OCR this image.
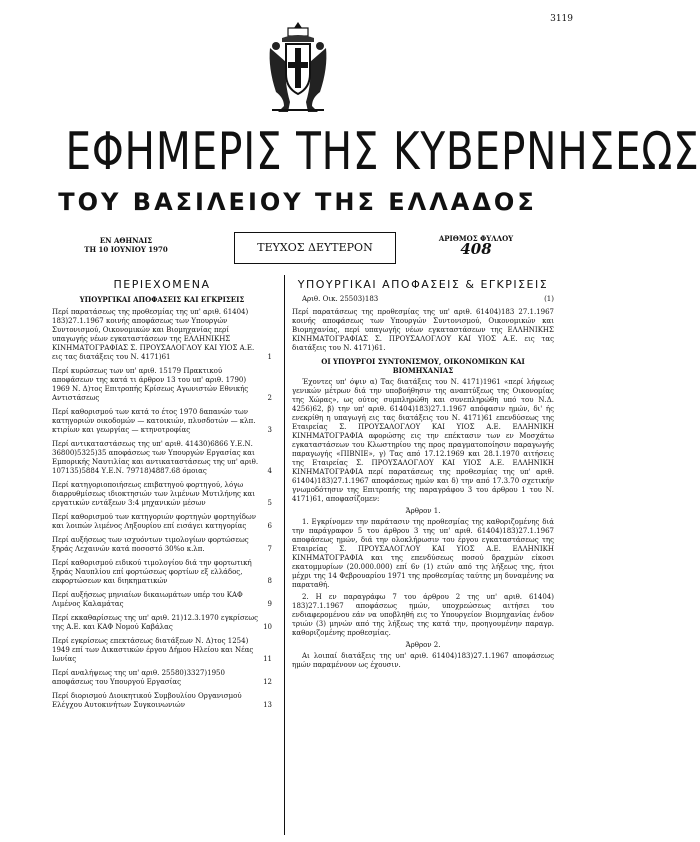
3119
ΕΦΗΜΕΡΙΣ ΤΗΣ ΚΥΒΕΡΝΗΣΕΩΣ
ΤΟΥ ΒΑΣΙΛΕΙΟΥ ΤΗΣ ΕΛΛΑΔΟΣ
ΕΝ ΑΘΗΝΑΙΣ
ΤΗ 10 ΙΟΥΝΙΟΥ 1970	ΤΕΥΧΟΣ ΔΕΥΤΕΡΟΝ
ΑΡΙΘΜΟΣ ΦΥΛΛΟΥ
408
ΠΕΡΙΕΧΟΜΕΝΑ
ΥΠΟΥΡΓΙΚΑΙ ΑΠΟΦΑΣΕΙΣ ΚΑΙ ΕΓΚΡΙΣΕΙΣ
Περί παρατάσεως της προθεσμίας της υπ' αριθ. 61404) 183)27.1.1967 κοινής αποφάσεως των Υπουργών Συντονισμού, Οικονομικών και Βιομηχανίας περί υπαγωγής νέων εγκαταστάσεων της ΕΛΛΗΝΙΚΗΣ ΚΙΝΗΜΑΤΟΓΡΑΦΙΑΣ Σ. ΠΡΟΥΣΑΛΟΓΛΟΥ ΚΑΙ ΥΙΟΣ Α.Ε. εις τας διατάξεις του Ν. 4171)61	1
Περί κυρώσεως των υπ' αριθ. 15179 Πρακτικού αποφάσεων της κατά τι άρθρον 13 του υπ' αριθ. 1790) 1969 Ν. Δ)τος Επιτροπής Κρίσεως Αγωνιστών Εθνικής Αντιστάσεως	2
Περί καθορισμού των κατά το έτος 1970 δαπανών των κατηγοριών οικοδομών — κατοικιών, πλυσδοτών — κλπ. κτιρίων και γεωργίας — κτηνοτροφίας	3
Περί αντικαταστάσεως της υπ' αριθ. 41430)6866 Υ.Ε.Ν. 36800)5325)35 αποφάσεως των Υπουργών Εργασίας και Εμπορικής Ναυτιλίας και αντικαταστάσεως της υπ' αριθ. 107135)5884 Υ.Ε.Ν. 79718)4887.68 όμοιας	4
Περί κατηγοριοποιήσεως επιβατηγού φορτηγού, λόγω διαρρυθμίσεως ιδιοκτησιών των λιμένων Μυτιλήνης και εργατικών εντάξεων 3:4 μηχανικών μέσων	5
Περί καθορισμού των κατηγοριών φορτηγών φορτηγίδων και λοιπών λιμένος Ληξουρίου επί εισάγει κατηγορίας	6
Περί αυξήσεως των ισχυόντων τιμολογίων φορτώσεως ξηράς Λεχαινών κατά ποσοστό 30%ο κ.λπ.	7
Περί καθορισμού ειδικού τιμολογίου διά την φορτωτική ξηράς Ναυπλίου επί φορτώσεως φορτίων εξ ελλάδος, εκφορτώσεων και διηκηματικών	8
Περί αυξήσεως μηνιαίων δικαιωμάτων υπέρ του ΚΑΦ Λιμένος Καλαμάτας	9
Περί εκκαθαρίσεως της υπ' αριθ. 21)12.3.1970 εγκρίσεως της Α.Ε. και ΚΑΦ Νομού Καβάλας	10
Περί εγκρίσεως επεκτάσεως διατάξεων Ν. Δ)τος 1254) 1949 επί των Δικαστικών έργου Δήμου Ηλείου και Νέας Ιωνίας	11
Περί αναλήψεως της υπ' αριθ. 25580)3327)1950 αποφάσεως του Υπουργού Εργασίας	12
Περί διορισμού Διοικητικού Συμβουλίου Οργανισμού Ελέγχου Αυτοκινήτων Συγκοινωνιών	13
ΥΠΟΥΡΓΙΚΑΙ ΑΠΟΦΑΣΕΙΣ & ΕΓΚΡΙΣΕΙΣ
Αριθ. Οικ. 25503)183	(1)

Περί παρατάσεως της προθεσμίας της υπ' αριθ. 61404)183 27.1.1967 κοινής αποφάσεως των Υπουργών Συντονισμού, Οικονομικών και Βιομηχανίας, περί υπαγωγής νέων εγκαταστάσεων της ΕΛΛΗΝΙΚΗΣ ΚΙΝΗΜΑΤΟΓΡΑΦΙΑΣ Σ. ΠΡΟΥΣΑΛΟΓΛΟΥ ΚΑΙ ΥΙΟΣ Α.Ε. εις τας διατάξεις του Ν. 4171)61.

ΟΙ ΥΠΟΥΡΓΟΙ ΣΥΝΤΟΝΙΣΜΟΥ, ΟΙΚΟΝΟΜΙΚΩΝ ΚΑΙ ΒΙΟΜΗΧΑΝΙΑΣ

Έχοντες υπ' όψιν α) Τας διατάξεις του Ν. 4171)1961 «περί λήψεως γενικών μέτρων διά την υποβοήθησιν της αναπτύξεως της Οικονομίας της Χώρας», ως ούτος συμπληρώθη και συνεπληρώθη υπό του Ν.Δ. 4256)62, β) την υπ' αριθ. 61404)183)27.1.1967 απόφασιν ημών, δι' ής ενεκρίθη η υπαγωγή εις τας διατάξεις του Ν. 4171)61 επενδύσεως της Εταιρείας Σ. ΠΡΟΥΣΑΛΟΓΛΟΥ ΚΑΙ ΥΙΟΣ Α.Ε. ΕΛΛΗΝΙΚΗ ΚΙΝΗΜΑΤΟΓΡΑΦΙΑ αφορώσης εις την επέκτασιν των εν Μοσχάτω εγκαταστάσεων του Κλωστηρίου της προς πραγματοποίησιν παραγωγής παραγωγής «ΠΙΒΝΙΕ», γ) Τας από 17.12.1969 και 28.1.1970 αιτήσεις της Εταιρείας Σ. ΠΡΟΥΣΑΛΟΓΛΟΥ ΚΑΙ ΥΙΟΣ Α.Ε. ΕΛΛΗΝΙΚΗ ΚΙΝΗΜΑΤΟΓΡΑΦΙΑ περί παρατάσεως της προθεσμίας της υπ' αριθ. 61404)183)27.1.1967 αποφάσεως ημών και δ) την από 17.3.70 σχετικήν γνωμοδότησιν της Επιτροπής της παραγράφου 3 του άρθρου 1 του Ν. 4171)61, αποφασίζομεν:

Άρθρον 1.

1. Εγκρίνομεν την παράτασιν της προθεσμίας της καθοριζομένης διά την παράγραφον 5 του άρθρου 3 της υπ' αριθ. 61404)183)27.1.1967 αποφάσεως ημών, διά την ολοκλήρωσιν του έργου εγκαταστάσεως της Εταιρείας Σ. ΠΡΟΥΣΑΛΟΓΛΟΥ ΚΑΙ ΥΙΟΣ Α.Ε. ΕΛΛΗΝΙΚΗ ΚΙΝΗΜΑΤΟΓΡΑΦΙΑ και της επενδύσεως ποσού δραχμών είκοσι εκατομμυρίων (20.000.000) επί 6ν (1) ετών από της λήξεως της, ήτοι μέχρι της 14 Φεβρουαρίου 1971 της προθεσμίας ταύτης μη δυναμένης να παραταθή.

2. Η εν παραγράφω 7 του άρθρου 2 της υπ' αριθ. 61404) 183)27.1.1967 αποφάσεως ημών, υποχρεώσεως αιτήσει του ενδιαφερομένου εάν να υποβληθή εις το Υπουργείον Βιομηχανίας ένδον τριών (3) μηνών από της λήξεως της κατά την, προηγουμένην παραγρ. καθοριζομένης προθεσμίας.

Άρθρον 2.

Αι λοιπαί διατάξεις της υπ' αριθ. 61404)183)27.1.1967 αποφάσεως ημών παραμένουν ως έχουσιν.
